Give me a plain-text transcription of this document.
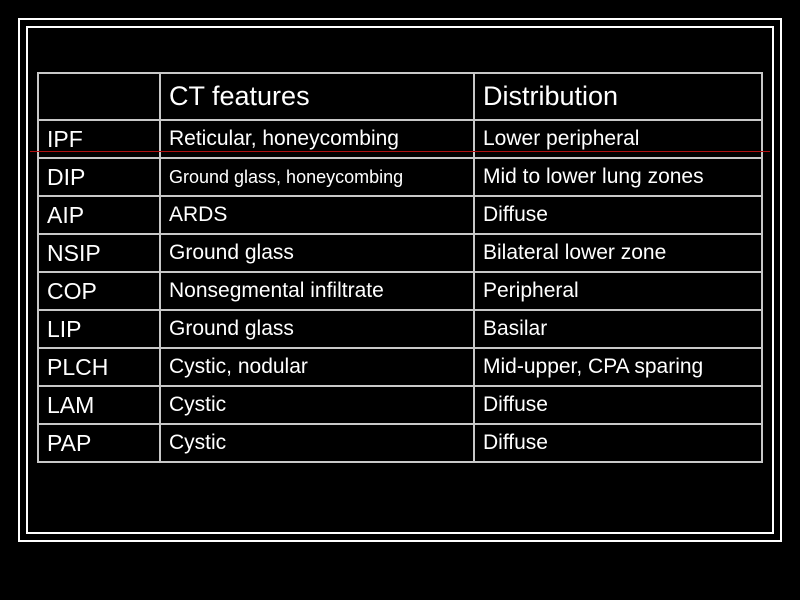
	CT features	Distribution
IPF	Reticular, honeycombing	Lower peripheral
DIP	Ground glass, honeycombing	Mid to lower lung zones
AIP	ARDS	Diffuse
NSIP	Ground glass	Bilateral lower zone
COP	Nonsegmental infiltrate	Peripheral
LIP	Ground glass	Basilar
PLCH	Cystic, nodular	Mid-upper, CPA sparing
LAM	Cystic	Diffuse
PAP	Cystic	Diffuse
